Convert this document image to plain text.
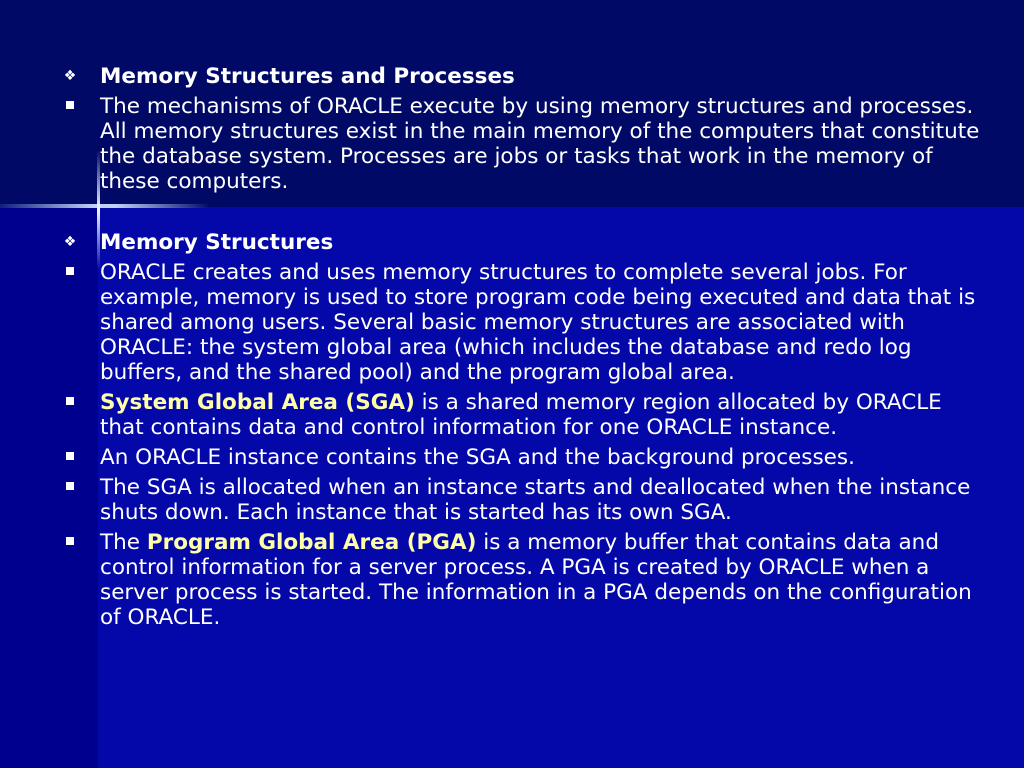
❖ Memory Structures and Processes
The mechanisms of ORACLE execute by using memory structures and processes. All memory structures exist in the main memory of the computers that constitute the database system. Processes are jobs or tasks that work in the memory of these computers.
❖ Memory Structures
ORACLE creates and uses memory structures to complete several jobs. For example, memory is used to store program code being executed and data that is shared among users. Several basic memory structures are associated with ORACLE: the system global area (which includes the database and redo log buffers, and the shared pool) and the program global area.
System Global Area (SGA) is a shared memory region allocated by ORACLE that contains data and control information for one ORACLE instance.
An ORACLE instance contains the SGA and the background processes.
The SGA is allocated when an instance starts and deallocated when the instance shuts down. Each instance that is started has its own SGA.
The Program Global Area (PGA) is a memory buffer that contains data and control information for a server process. A PGA is created by ORACLE when a server process is started. The information in a PGA depends on the configuration of ORACLE.
